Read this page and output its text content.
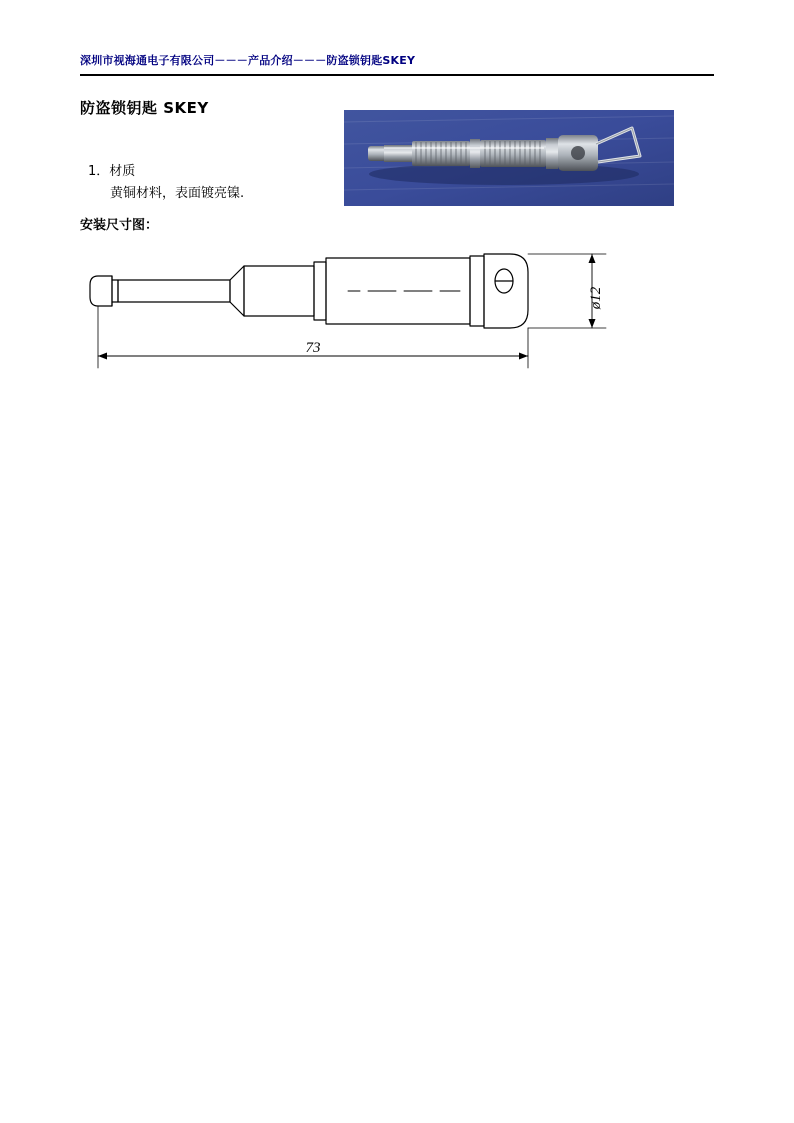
深圳市视海通电子有限公司－－－产品介绍－－－防盗锁钥匙SKEY
防盗锁钥匙 SKEY
1．材质
黄铜材料，表面镀亮镍.
安装尺寸图：
ø12
73
